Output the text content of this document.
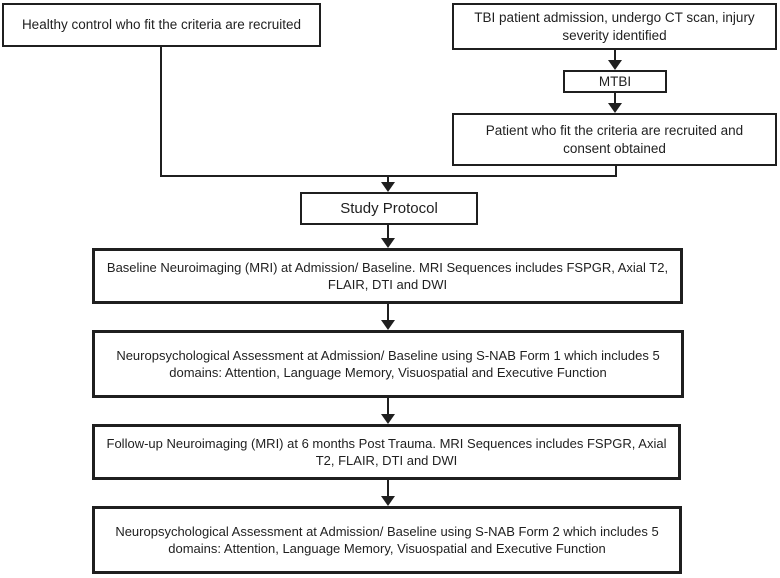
Healthy control who fit the criteria are recruited	TBI patient admission, undergo CT scan, injury severity identified
MTBI
Patient who fit the criteria are recruited and consent obtained
Study Protocol
Baseline Neuroimaging (MRI) at Admission/ Baseline. MRI Sequences includes FSPGR, Axial T2, FLAIR, DTI and DWI
Neuropsychological Assessment at Admission/ Baseline using S-NAB Form 1 which includes 5 domains: Attention, Language Memory, Visuospatial and Executive Function
Follow-up Neuroimaging (MRI) at 6 months Post Trauma. MRI Sequences includes FSPGR, Axial T2, FLAIR, DTI and DWI
Neuropsychological Assessment at Admission/ Baseline using S-NAB Form 2 which includes 5 domains: Attention, Language Memory, Visuospatial and Executive Function
